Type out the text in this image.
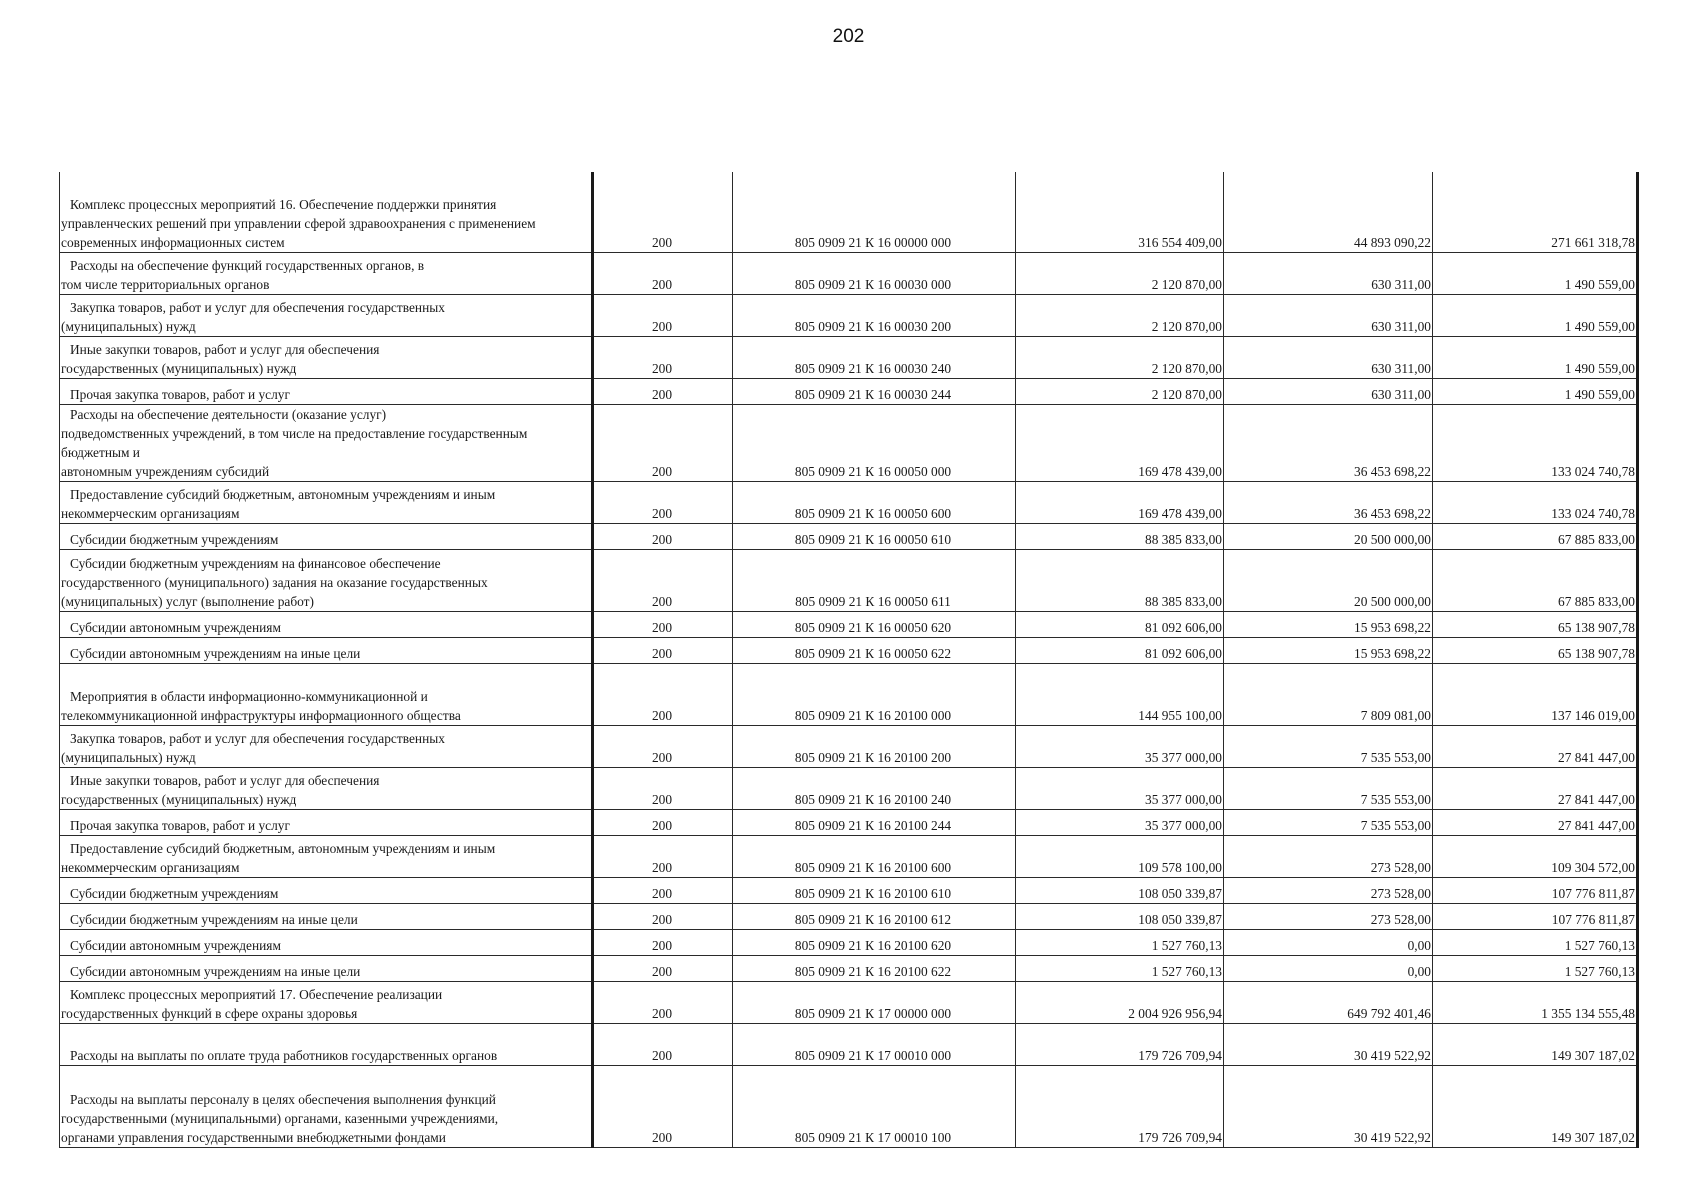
202
Комплекс процессных мероприятий 16. Обеспечение поддержки принятия
управленческих решений при управлении сферой здравоохранения с применением
современных информационных систем	200	805 0909 21 К 16 00000 000	316 554 409,00	44 893 090,22	271 661 318,78

Расходы на обеспечение функций государственных органов, в
том числе территориальных органов	200	805 0909 21 К 16 00030 000	2 120 870,00	630 311,00	1 490 559,00

Закупка товаров, работ и услуг для обеспечения государственных
(муниципальных) нужд	200	805 0909 21 К 16 00030 200	2 120 870,00	630 311,00	1 490 559,00

Иные закупки товаров, работ и услуг для обеспечения
государственных (муниципальных) нужд	200	805 0909 21 К 16 00030 240	2 120 870,00	630 311,00	1 490 559,00

Прочая закупка товаров, работ и услуг	200	805 0909 21 К 16 00030 244	2 120 870,00	630 311,00	1 490 559,00

Расходы на обеспечение деятельности (оказание услуг)
подведомственных учреждений, в том числе на предоставление государственным бюджетным и
автономным учреждениям субсидий	200	805 0909 21 К 16 00050 000	169 478 439,00	36 453 698,22	133 024 740,78

Предоставление субсидий бюджетным, автономным учреждениям и иным
некоммерческим организациям	200	805 0909 21 К 16 00050 600	169 478 439,00	36 453 698,22	133 024 740,78

Субсидии бюджетным учреждениям	200	805 0909 21 К 16 00050 610	88 385 833,00	20 500 000,00	67 885 833,00

Субсидии бюджетным учреждениям на финансовое обеспечение
государственного (муниципального) задания на оказание государственных
(муниципальных) услуг (выполнение работ)	200	805 0909 21 К 16 00050 611	88 385 833,00	20 500 000,00	67 885 833,00

Субсидии автономным учреждениям	200	805 0909 21 К 16 00050 620	81 092 606,00	15 953 698,22	65 138 907,78

Субсидии автономным учреждениям на иные цели	200	805 0909 21 К 16 00050 622	81 092 606,00	15 953 698,22	65 138 907,78

Мероприятия в области информационно-коммуникационной и
телекоммуникационной инфраструктуры информационного общества	200	805 0909 21 К 16 20100 000	144 955 100,00	7 809 081,00	137 146 019,00

Закупка товаров, работ и услуг для обеспечения государственных
(муниципальных) нужд	200	805 0909 21 К 16 20100 200	35 377 000,00	7 535 553,00	27 841 447,00

Иные закупки товаров, работ и услуг для обеспечения
государственных (муниципальных) нужд	200	805 0909 21 К 16 20100 240	35 377 000,00	7 535 553,00	27 841 447,00

Прочая закупка товаров, работ и услуг	200	805 0909 21 К 16 20100 244	35 377 000,00	7 535 553,00	27 841 447,00

Предоставление субсидий бюджетным, автономным учреждениям и иным
некоммерческим организациям	200	805 0909 21 К 16 20100 600	109 578 100,00	273 528,00	109 304 572,00

Субсидии бюджетным учреждениям	200	805 0909 21 К 16 20100 610	108 050 339,87	273 528,00	107 776 811,87

Субсидии бюджетным учреждениям на иные цели	200	805 0909 21 К 16 20100 612	108 050 339,87	273 528,00	107 776 811,87

Субсидии автономным учреждениям	200	805 0909 21 К 16 20100 620	1 527 760,13	0,00	1 527 760,13

Субсидии автономным учреждениям на иные цели	200	805 0909 21 К 16 20100 622	1 527 760,13	0,00	1 527 760,13

Комплекс процессных мероприятий 17. Обеспечение реализации
государственных функций в сфере охраны здоровья	200	805 0909 21 К 17 00000 000	2 004 926 956,94	649 792 401,46	1 355 134 555,48

Расходы на выплаты по оплате труда работников государственных органов	200	805 0909 21 К 17 00010 000	179 726 709,94	30 419 522,92	149 307 187,02

Расходы на выплаты персоналу в целях обеспечения выполнения функций
государственными (муниципальными) органами, казенными учреждениями,
органами управления государственными внебюджетными фондами	200	805 0909 21 К 17 00010 100	179 726 709,94	30 419 522,92	149 307 187,02
